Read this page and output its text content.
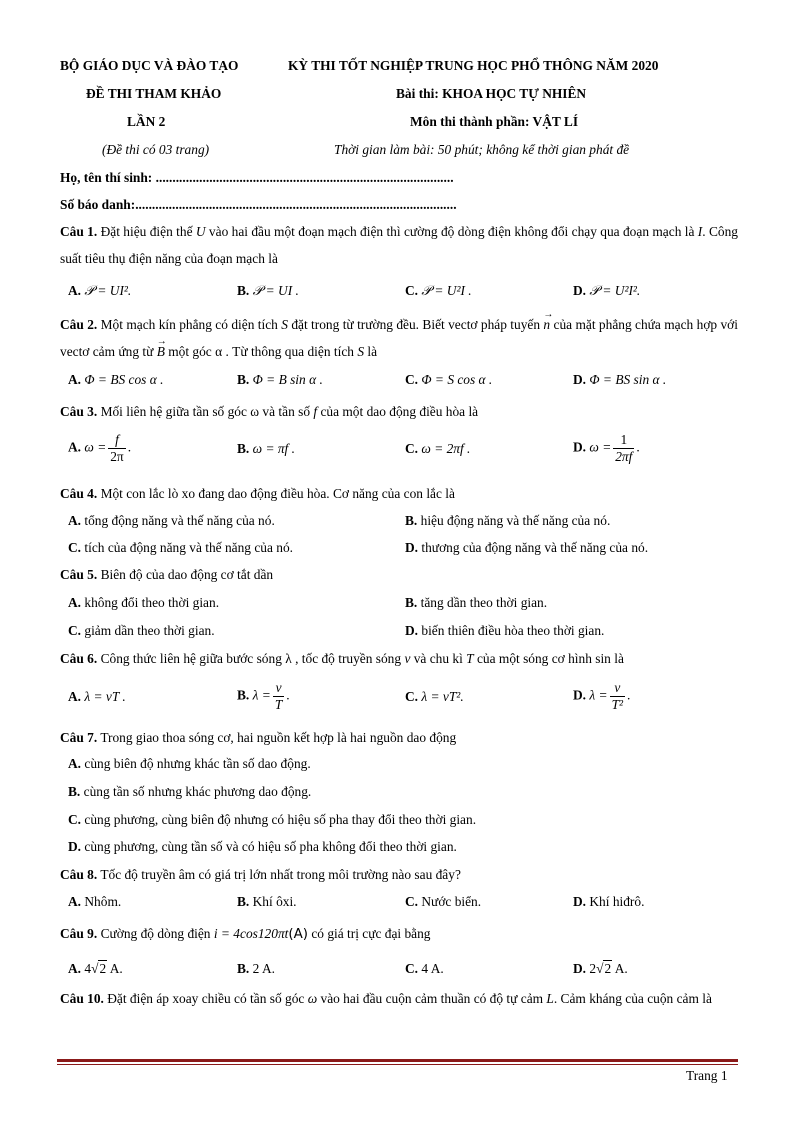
BỘ GIÁO DỤC VÀ ĐÀO TẠO	KỲ THI TỐT NGHIỆP TRUNG HỌC PHỔ THÔNG NĂM 2020
ĐỀ THI THAM KHẢO	Bài thi: KHOA HỌC TỰ NHIÊN
LẦN 2	Môn thi thành phần: VẬT LÍ
(Đề thi có 03 trang)	Thời gian làm bài: 50 phút; không kể thời gian phát đề
Họ, tên thí sinh: .........................................................................................
Số báo danh:................................................................................................
Câu 1. Đặt hiệu điện thế U vào hai đầu một đoạn mạch điện thì cường độ dòng điện không đổi chạy qua đoạn mạch là I. Công suất tiêu thụ điện năng của đoạn mạch là
A. 𝒫 = UI².	B. 𝒫 = UI .	C. 𝒫 = U²I .	D. 𝒫 = U²I².
Câu 2. Một mạch kín phẳng có diện tích S đặt trong từ trường đều. Biết vectơ pháp tuyến → n của mặt phẳng chứa mạch hợp với vectơ cảm ứng từ → B một góc α . Từ thông qua diện tích S là
A. Φ = BS cos α .	B. Φ = B sin α .	C. Φ = S cos α .	D. Φ = BS sin α .
Câu 3. Mối liên hệ giữa tần số góc ω và tần số f của một dao động điều hòa là
A. $\omega = \frac{f}{2\pi}$ .	B. ω = πf .	C. ω = 2πf .	D. $\omega = \frac{1}{2\pi f}$ .
Câu 4. Một con lắc lò xo đang dao động điều hòa. Cơ năng của con lắc là
A. tổng động năng và thế năng của nó.	B. hiệu động năng và thế năng của nó.
C. tích của động năng và thế năng của nó.	D. thương của động năng và thế năng của nó.
Câu 5. Biên độ của dao động cơ tắt dần
A. không đổi theo thời gian.	B. tăng dần theo thời gian.
C. giảm dần theo thời gian.	D. biến thiên điều hòa theo thời gian.
Câu 6. Công thức liên hệ giữa bước sóng λ , tốc độ truyền sóng v và chu kì T của một sóng cơ hình sin là
A. λ = vT .	B. $\lambda = \frac{v}{T}$ .	C. λ = vT².	D. $\lambda = \frac{v}{\text{T²}}$ .
Câu 7. Trong giao thoa sóng cơ, hai nguồn kết hợp là hai nguồn dao động
A. cùng biên độ nhưng khác tần số dao động.
B. cùng tần số nhưng khác phương dao động.
C. cùng phương, cùng biên độ nhưng có hiệu số pha thay đổi theo thời gian.
D. cùng phương, cùng tần số và có hiệu số pha không đổi theo thời gian.
Câu 8. Tốc độ truyền âm có giá trị lớn nhất trong môi trường nào sau đây?
A. Nhôm.	B. Khí ôxi.	C. Nước biển.	D. Khí hiđrô.
Câu 9. Cường độ dòng điện i = 4cos120πt(A) có giá trị cực đại bằng
A. 4√2 A.	B. 2 A.	C. 4 A.	D. 2√2 A.
Câu 10. Đặt điện áp xoay chiều có tần số góc ω vào hai đầu cuộn cảm thuần có độ tự cảm L. Cảm kháng của cuộn cảm là
Trang 1
